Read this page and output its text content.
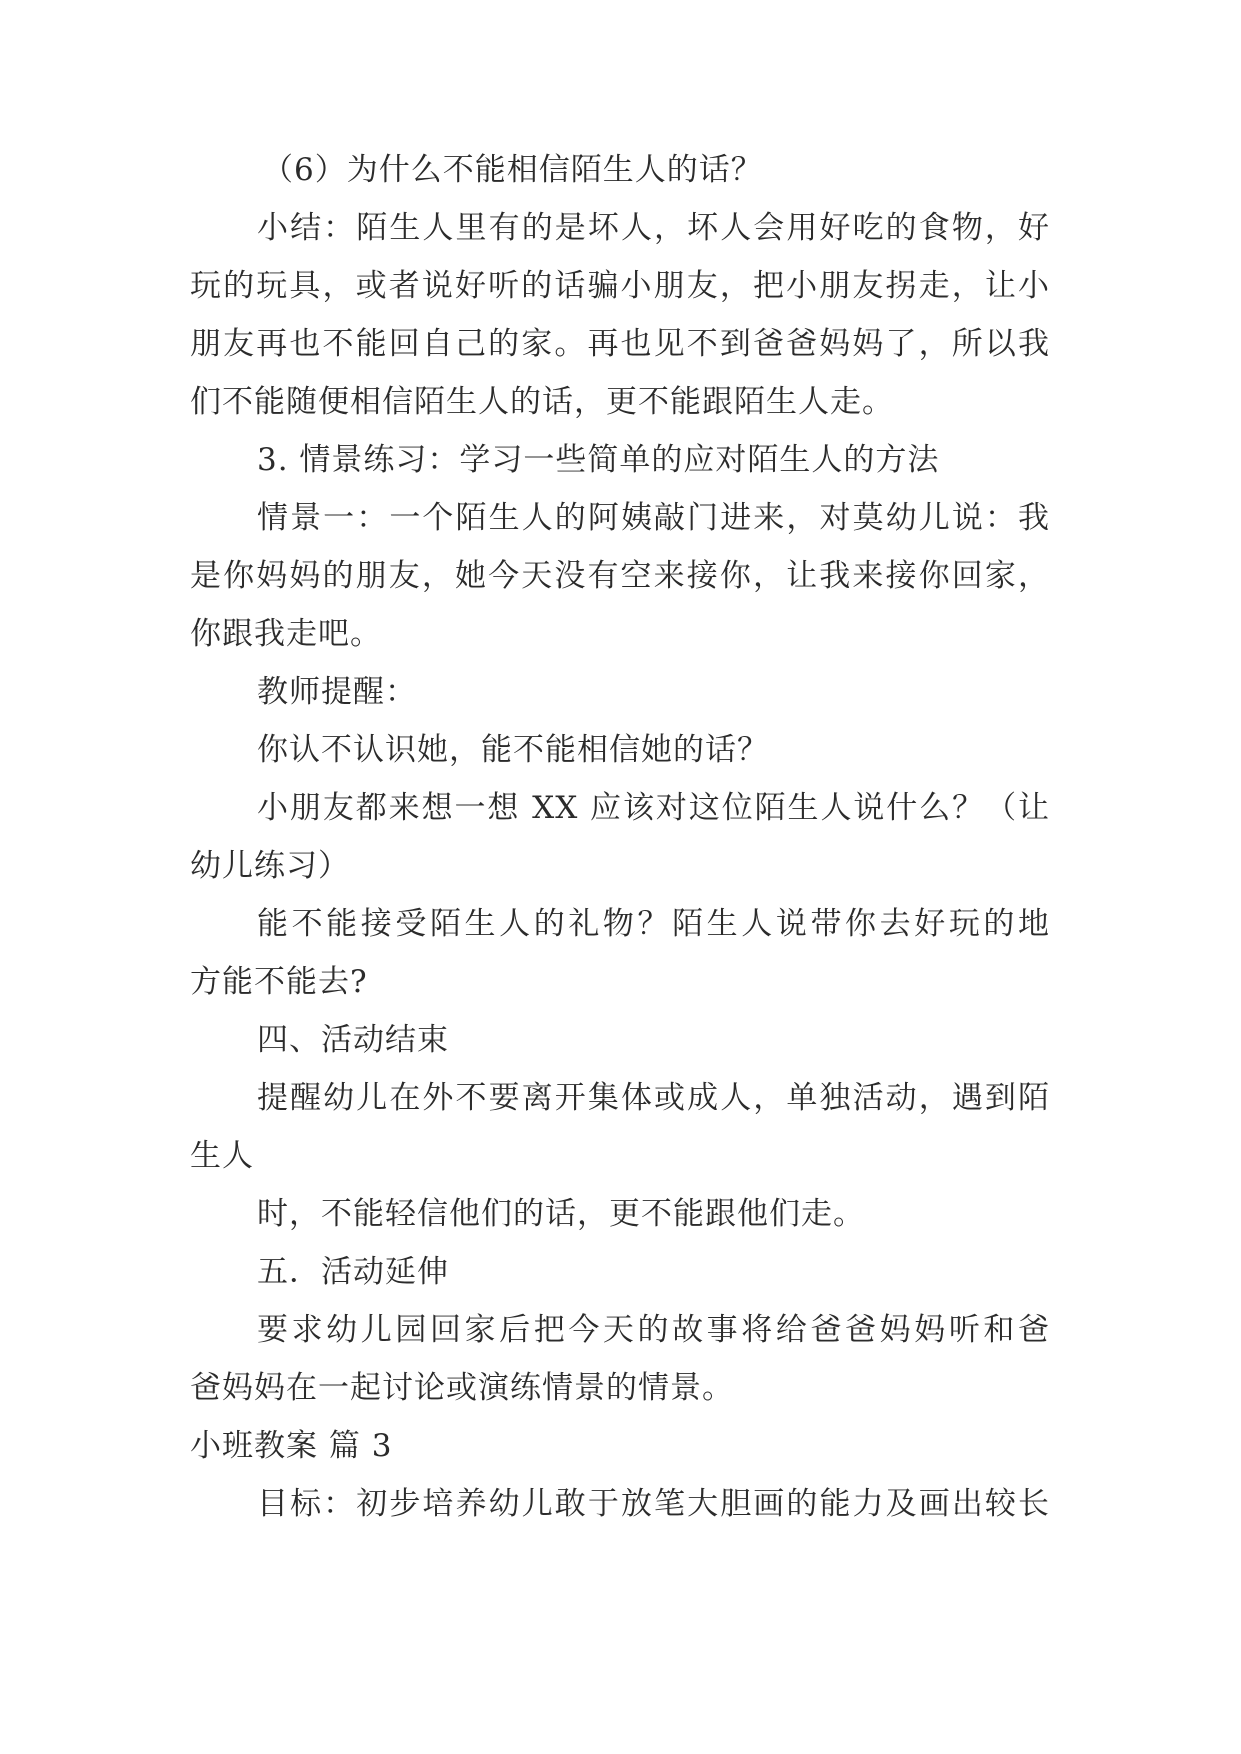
（6）为什么不能相信陌生人的话？
小结：陌生人里有的是坏人，坏人会用好吃的食物，好
玩的玩具，或者说好听的话骗小朋友，把小朋友拐走，让小
朋友再也不能回自己的家。再也见不到爸爸妈妈了，所以我
们不能随便相信陌生人的话，更不能跟陌生人走。
3. 情景练习：学习一些简单的应对陌生人的方法
情景一：一个陌生人的阿姨敲门进来，对莫幼儿说：我
是你妈妈的朋友，她今天没有空来接你，让我来接你回家，
你跟我走吧。
教师提醒：
你认不认识她，能不能相信她的话？
小朋友都来想一想 XX 应该对这位陌生人说什么？（让
幼儿练习）
能不能接受陌生人的礼物？陌生人说带你去好玩的地
方能不能去?
四、活动结束
提醒幼儿在外不要离开集体或成人，单独活动，遇到陌
生人
时，不能轻信他们的话，更不能跟他们走。
五．活动延伸
要求幼儿园回家后把今天的故事将给爸爸妈妈听和爸
爸妈妈在一起讨论或演练情景的情景。
小班教案 篇 3
目标：初步培养幼儿敢于放笔大胆画的能力及画出较长
